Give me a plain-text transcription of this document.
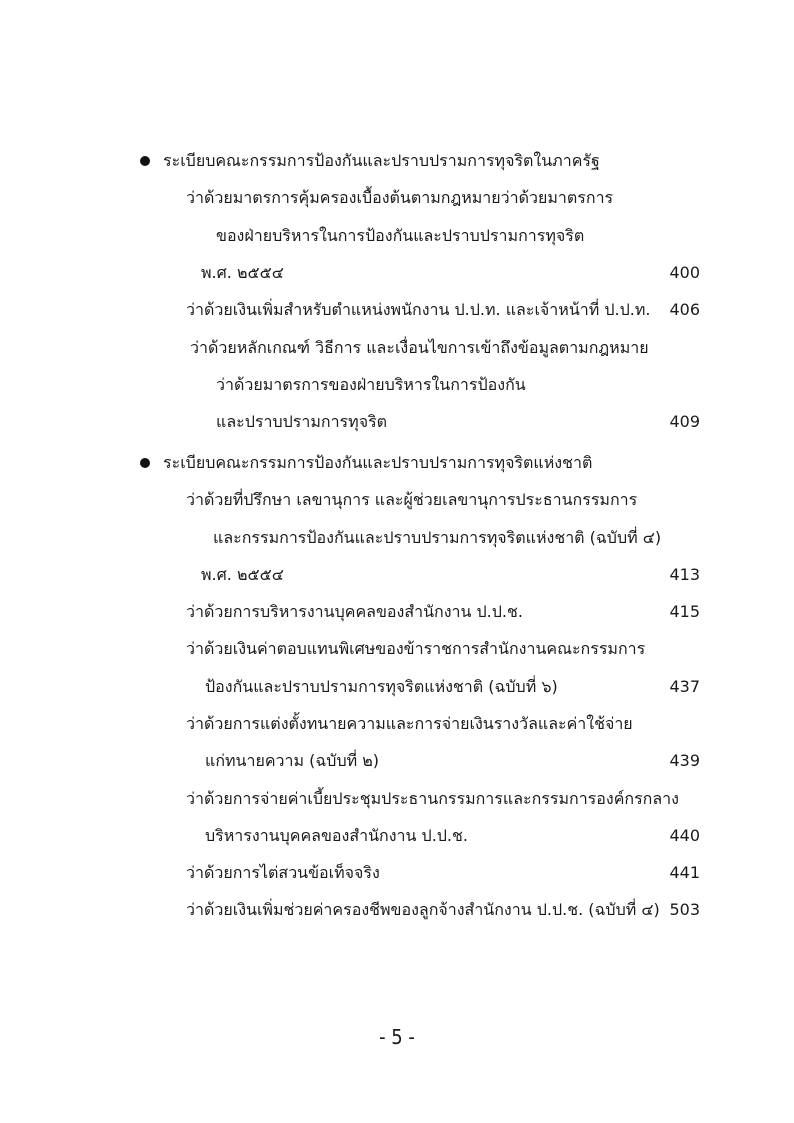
ระเบียบคณะกรรมการป้องกันและปราบปรามการทุจริตในภาครัฐ
ว่าด้วยมาตรการคุ้มครองเบื้องต้นตามกฎหมายว่าด้วยมาตรการ
ของฝ่ายบริหารในการป้องกันและปราบปรามการทุจริต
พ.ศ. ๒๕๕๔	400
ว่าด้วยเงินเพิ่มสำหรับตำแหน่งพนักงาน ป.ป.ท. และเจ้าหน้าที่ ป.ป.ท. 406
ว่าด้วยหลักเกณฑ์ วิธีการ และเงื่อนไขการเข้าถึงข้อมูลตามกฎหมาย
ว่าด้วยมาตรการของฝ่ายบริหารในการป้องกัน
และปราบปรามการทุจริต	409
ระเบียบคณะกรรมการป้องกันและปราบปรามการทุจริตแห่งชาติ
ว่าด้วยที่ปรึกษา เลขานุการ และผู้ช่วยเลขานุการประธานกรรมการ
และกรรมการป้องกันและปราบปรามการทุจริตแห่งชาติ (ฉบับที่ ๔)
พ.ศ. ๒๕๕๔	413
ว่าด้วยการบริหารงานบุคคลของสำนักงาน ป.ป.ช.	415
ว่าด้วยเงินค่าตอบแทนพิเศษของข้าราชการสำนักงานคณะกรรมการ
ป้องกันและปราบปรามการทุจริตแห่งชาติ (ฉบับที่ ๖)	437
ว่าด้วยการแต่งตั้งทนายความและการจ่ายเงินรางวัลและค่าใช้จ่าย
แก่ทนายความ (ฉบับที่ ๒)	439
ว่าด้วยการจ่ายค่าเบี้ยประชุมประธานกรรมการและกรรมการองค์กรกลาง
บริหารงานบุคคลของสำนักงาน ป.ป.ช.	440
ว่าด้วยการไต่สวนข้อเท็จจริง	441
ว่าด้วยเงินเพิ่มช่วยค่าครองชีพของลูกจ้างสำนักงาน ป.ป.ช. (ฉบับที่ ๔) 503
- 5 -
